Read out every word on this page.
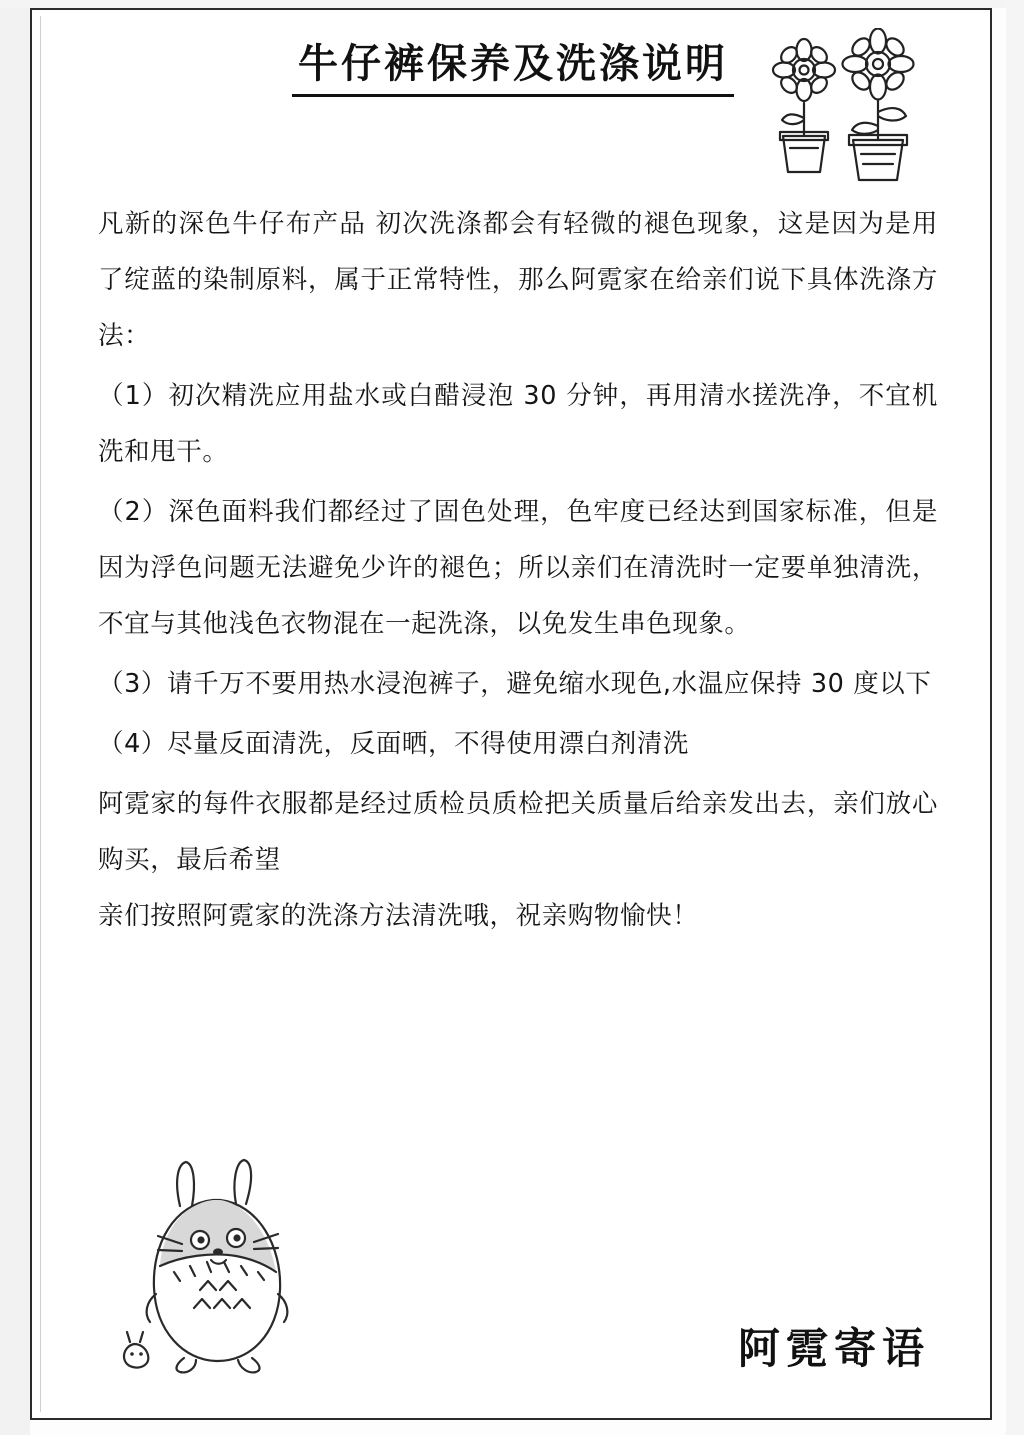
牛仔裤保养及洗涤说明

凡新的深色牛仔布产品 初次洗涤都会有轻微的褪色现象，这是因为是用了绽蓝的染制原料，属于正常特性，那么阿霓家在给亲们说下具体洗涤方法：

（1）初次精洗应用盐水或白醋浸泡 30 分钟，再用清水搓洗净，不宜机洗和甩干。

（2）深色面料我们都经过了固色处理，色牢度已经达到国家标准，但是因为浮色问题无法避免少许的褪色；所以亲们在清洗时一定要单独清洗，不宜与其他浅色衣物混在一起洗涤，以免发生串色现象。

（3）请千万不要用热水浸泡裤子，避免缩水现色,水温应保持 30 度以下

（4）尽量反面清洗，反面晒，不得使用漂白剂清洗

阿霓家的每件衣服都是经过质检员质检把关质量后给亲发出去，亲们放心购买，最后希望

亲们按照阿霓家的洗涤方法清洗哦，祝亲购物愉快！

阿霓寄语
